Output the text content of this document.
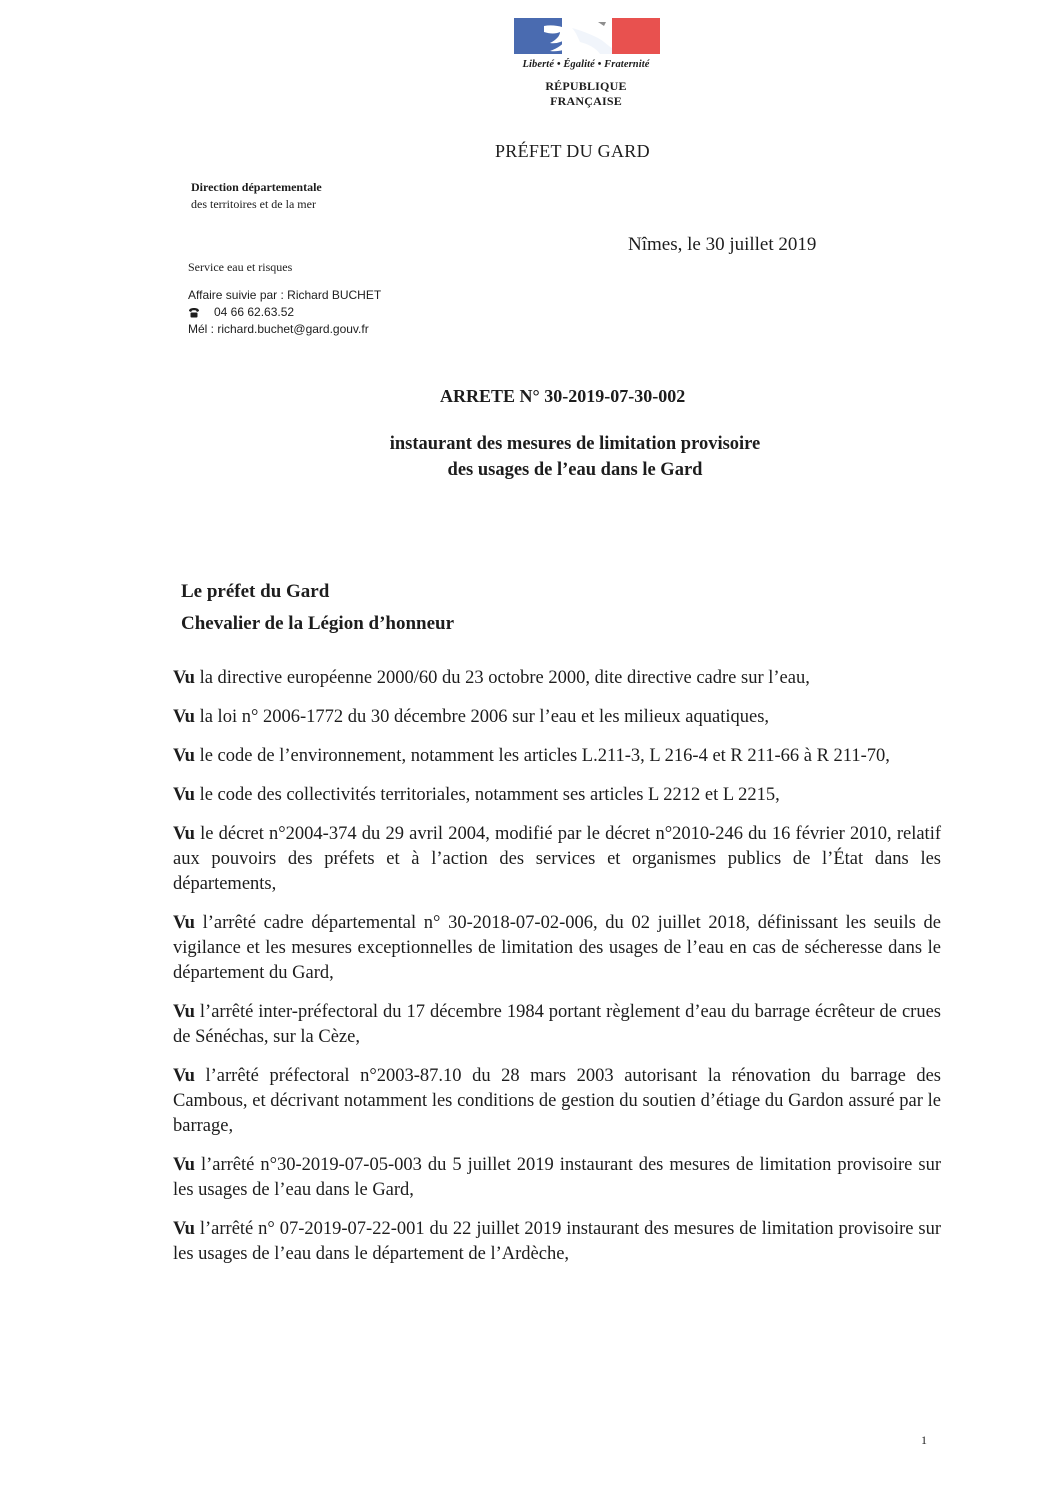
Liberté • Égalité • Fraternité
RÉPUBLIQUE FRANÇAISE
PRÉFET DU GARD
Direction départementale
des territoires et de la mer
Nîmes, le 30 juillet 2019
Service eau et risques
Affaire suivie par : Richard BUCHET
04 66 62.63.52
Mél : richard.buchet@gard.gouv.fr
ARRETE N° 30-2019-07-30-002
instaurant des mesures de limitation provisoire
des usages de l’eau dans le Gard
Le préfet du Gard
Chevalier de la Légion d’honneur

Vu la directive européenne 2000/60 du 23 octobre 2000, dite directive cadre sur l’eau,

Vu la loi n° 2006-1772 du 30 décembre 2006 sur l’eau et les milieux aquatiques,

Vu le code de l’environnement, notamment les articles L.211-3, L 216-4 et R 211-66 à R 211-70,

Vu le code des collectivités territoriales, notamment ses articles L 2212 et L 2215,

Vu le décret n°2004-374 du 29 avril 2004, modifié par le décret n°2010-246 du 16 février 2010, relatif aux pouvoirs des préfets et à l’action des services et organismes publics de l’État dans les départements,

Vu l’arrêté cadre départemental n° 30-2018-07-02-006, du 02 juillet 2018, définissant les seuils de vigilance et les mesures exceptionnelles de limitation des usages de l’eau en cas de sécheresse dans le département du Gard,

Vu l’arrêté inter-préfectoral du 17 décembre 1984 portant règlement d’eau du barrage écrêteur de crues de Sénéchas, sur la Cèze,

Vu l’arrêté préfectoral n°2003-87.10 du 28 mars 2003 autorisant la rénovation du barrage des Cambous, et décrivant notamment les conditions de gestion du soutien d’étiage du Gardon assuré par le barrage,

Vu l’arrêté n°30-2019-07-05-003 du 5 juillet 2019 instaurant des mesures de limitation provisoire sur les usages de l’eau dans le Gard,

Vu l’arrêté n° 07-2019-07-22-001 du 22 juillet 2019 instaurant des mesures de limitation provisoire sur les usages de l’eau dans le département de l’Ardèche,

1
